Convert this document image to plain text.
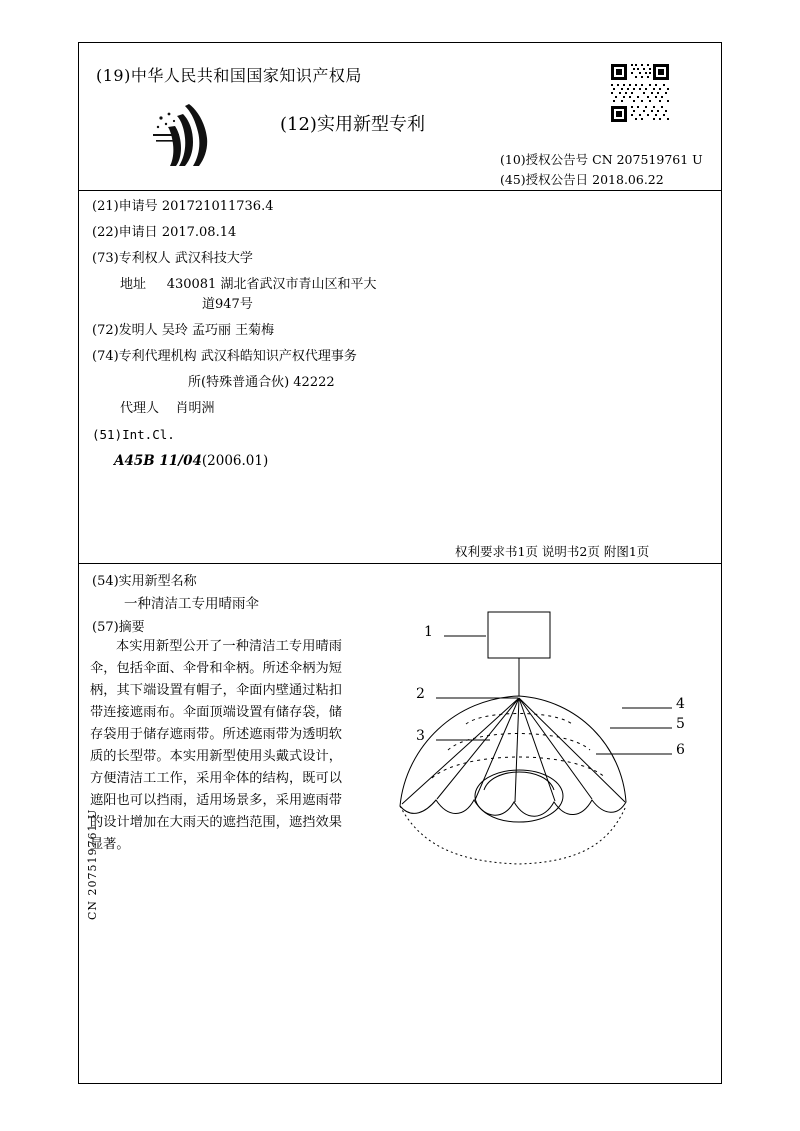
(19)中华人民共和国国家知识产权局
(12)实用新型专利
(10)授权公告号 CN 207519761 U
(45)授权公告日 2018.06.22
(21)申请号 201721011736.4
(22)申请日 2017.08.14
(73)专利权人 武汉科技大学
地址 430081 湖北省武汉市青山区和平大
道947号
(72)发明人 吴玲 孟巧丽 王菊梅
(74)专利代理机构 武汉科皓知识产权代理事务
所(特殊普通合伙) 42222
代理人 肖明洲
(51)Int.Cl.
A45B 11/04(2006.01)
权利要求书1页 说明书2页 附图1页
(54)实用新型名称
一种清洁工专用晴雨伞
(57)摘要
本实用新型公开了一种清洁工专用晴雨伞，包括伞面、伞骨和伞柄。所述伞柄为短柄，其下端设置有帽子，伞面内壁通过粘扣带连接遮雨布。伞面顶端设置有储存袋，储存袋用于储存遮雨带。所述遮雨带为透明软质的长型带。本实用新型使用头戴式设计，方便清洁工工作，采用伞体的结构，既可以遮阳也可以挡雨，适用场景多，采用遮雨带的设计增加在大雨天的遮挡范围，遮挡效果显著。
1
2
3
4
5
6
CN 207519761 U
